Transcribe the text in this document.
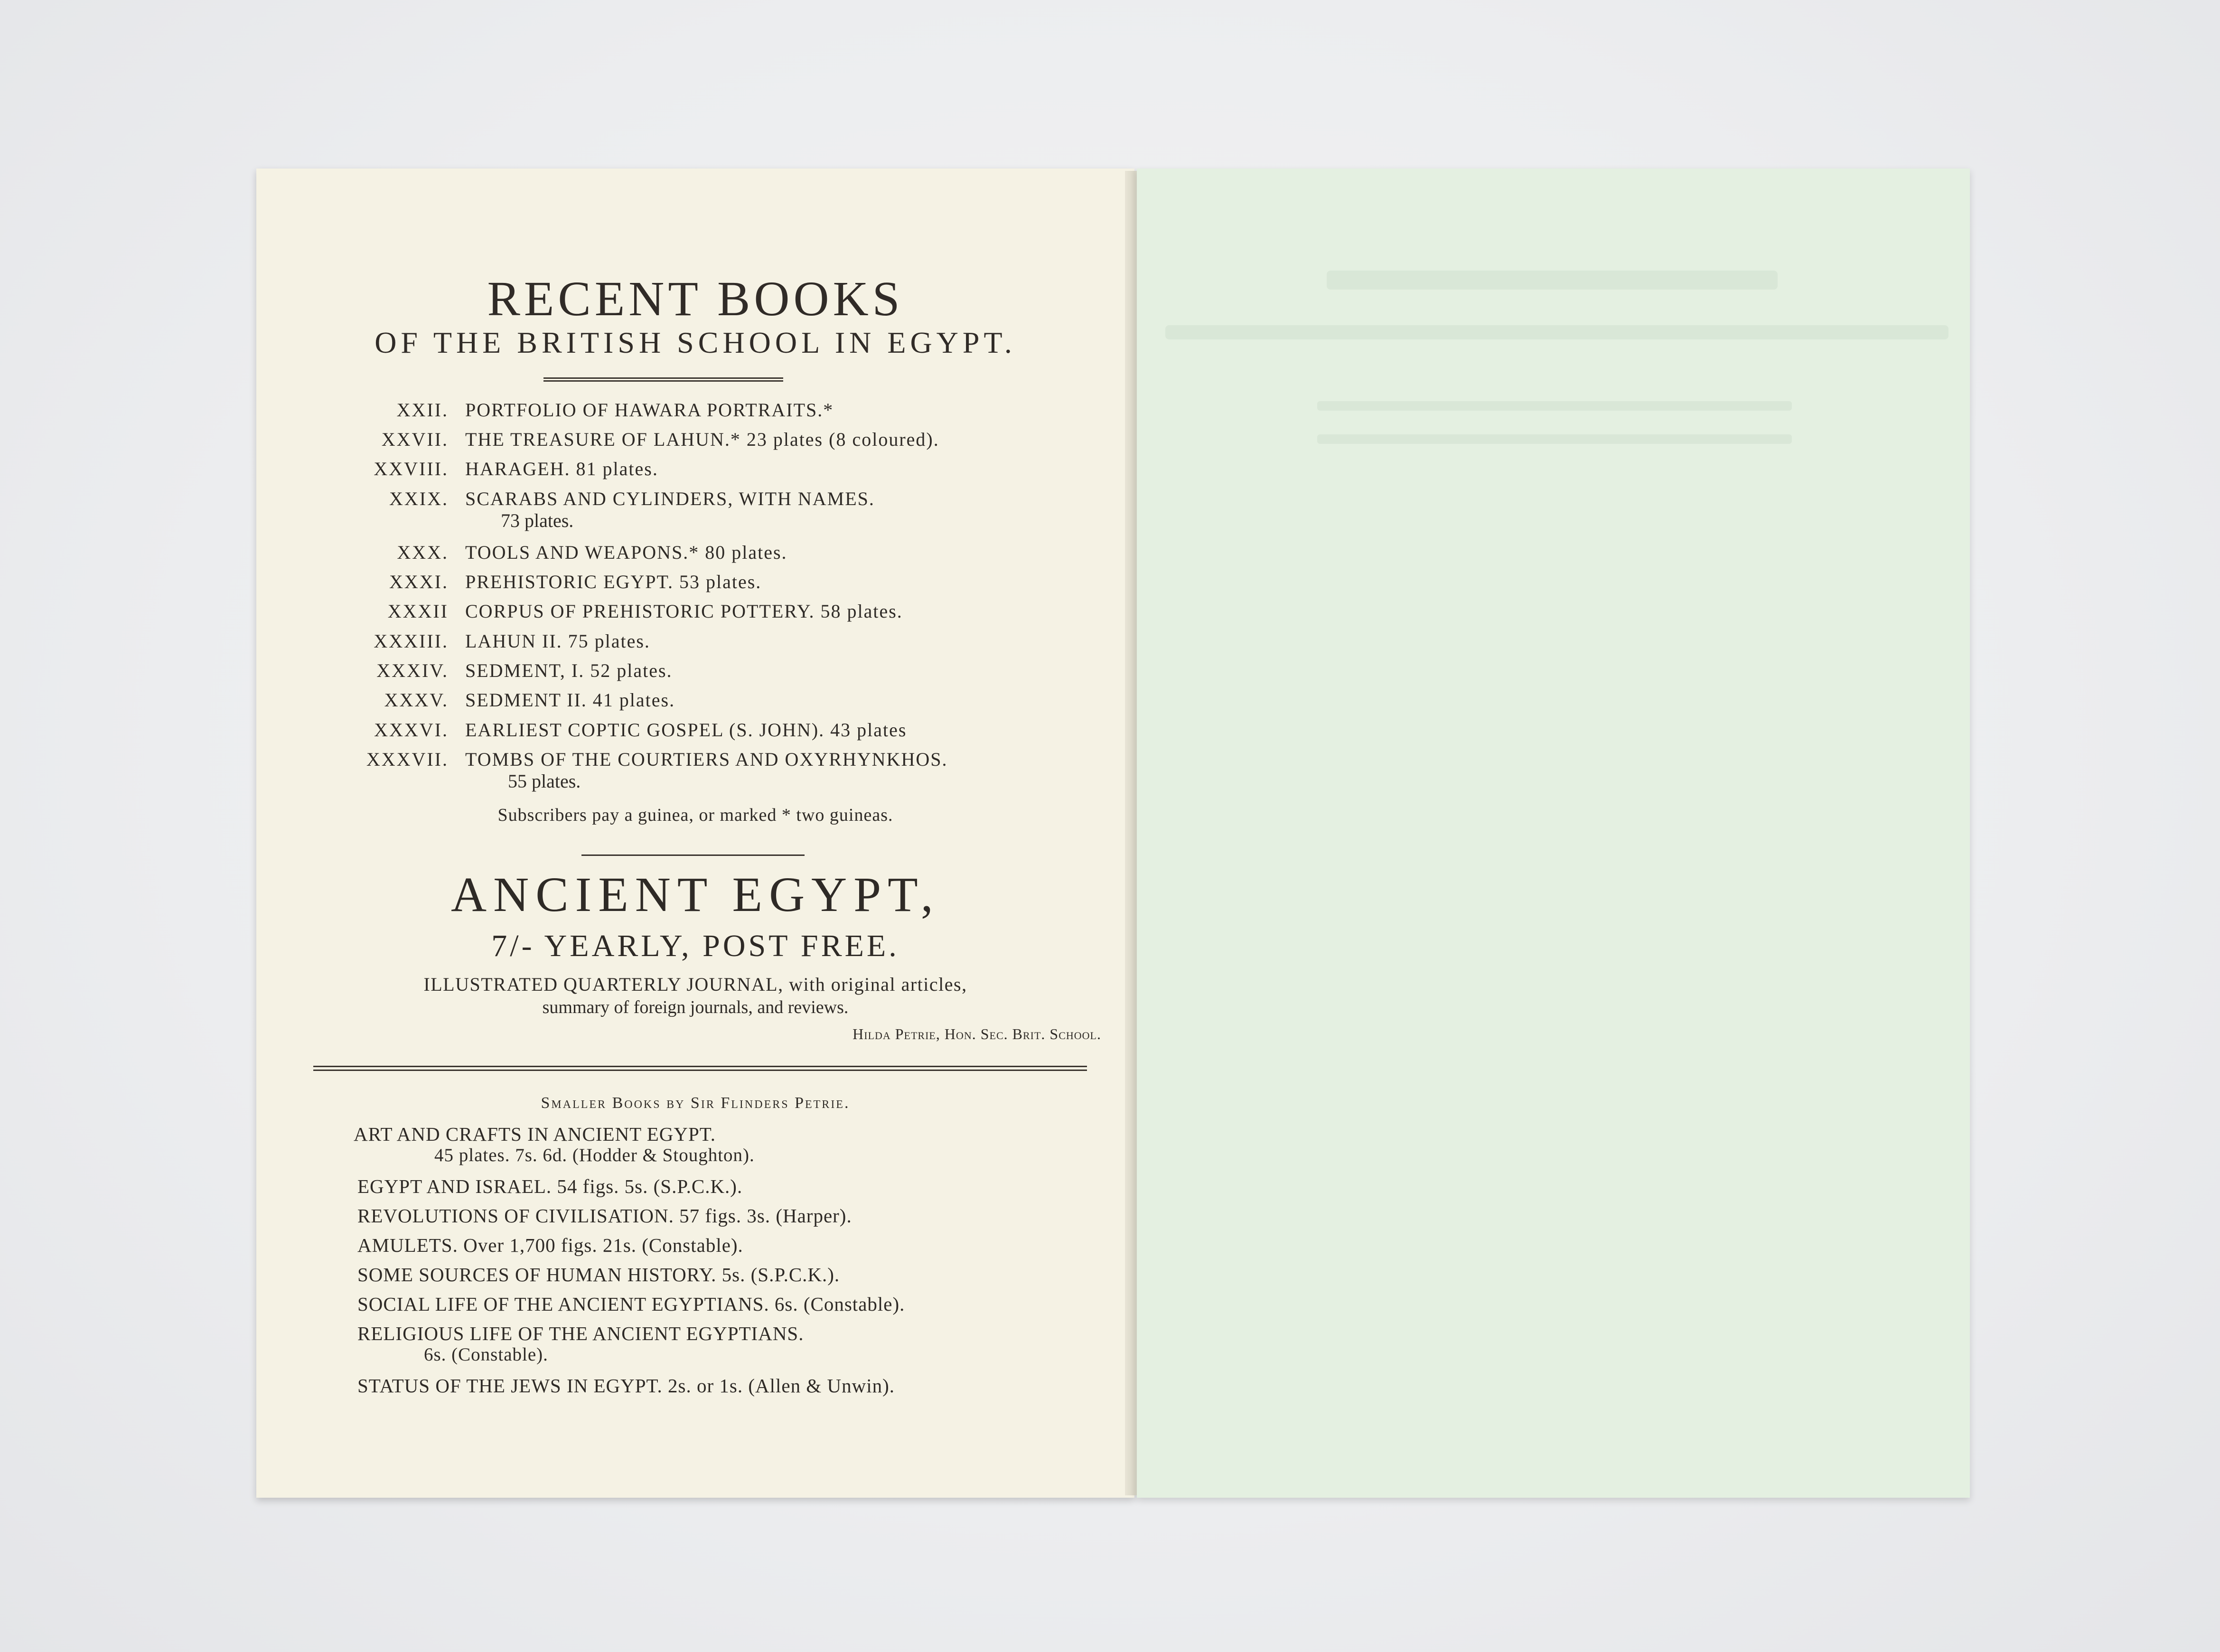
RECENT BOOKS
OF THE BRITISH SCHOOL IN EGYPT.
XXII. PORTFOLIO OF HAWARA PORTRAITS.*
XXVII. THE TREASURE OF LAHUN.* 23 plates (8 coloured).
XXVIII. HARAGEH. 81 plates.
XXIX. SCARABS AND CYLINDERS, WITH NAMES.
73 plates.
XXX. TOOLS AND WEAPONS.* 80 plates.
XXXI. PREHISTORIC EGYPT. 53 plates.
XXXII CORPUS OF PREHISTORIC POTTERY. 58 plates.
XXXIII. LAHUN II. 75 plates.
XXXIV. SEDMENT, I. 52 plates.
XXXV. SEDMENT II. 41 plates.
XXXVI. EARLIEST COPTIC GOSPEL (S. JOHN). 43 plates
XXXVII. TOMBS OF THE COURTIERS AND OXYRHYNKHOS.
55 plates.
Subscribers pay a guinea, or marked * two guineas.
ANCIENT EGYPT,
7/- YEARLY, POST FREE.
ILLUSTRATED QUARTERLY JOURNAL, with original articles,
summary of foreign journals, and reviews.
Hilda Petrie, Hon. Sec. Brit. School.
Smaller Books by Sir Flinders Petrie.
ART AND CRAFTS IN ANCIENT EGYPT.
45 plates. 7s. 6d. (Hodder & Stoughton).
EGYPT AND ISRAEL. 54 figs. 5s. (S.P.C.K.).
REVOLUTIONS OF CIVILISATION. 57 figs. 3s. (Harper).
AMULETS. Over 1,700 figs. 21s. (Constable).
SOME SOURCES OF HUMAN HISTORY. 5s. (S.P.C.K.).
SOCIAL LIFE OF THE ANCIENT EGYPTIANS. 6s. (Constable).
RELIGIOUS LIFE OF THE ANCIENT EGYPTIANS.
6s. (Constable).
STATUS OF THE JEWS IN EGYPT. 2s. or 1s. (Allen & Unwin).
